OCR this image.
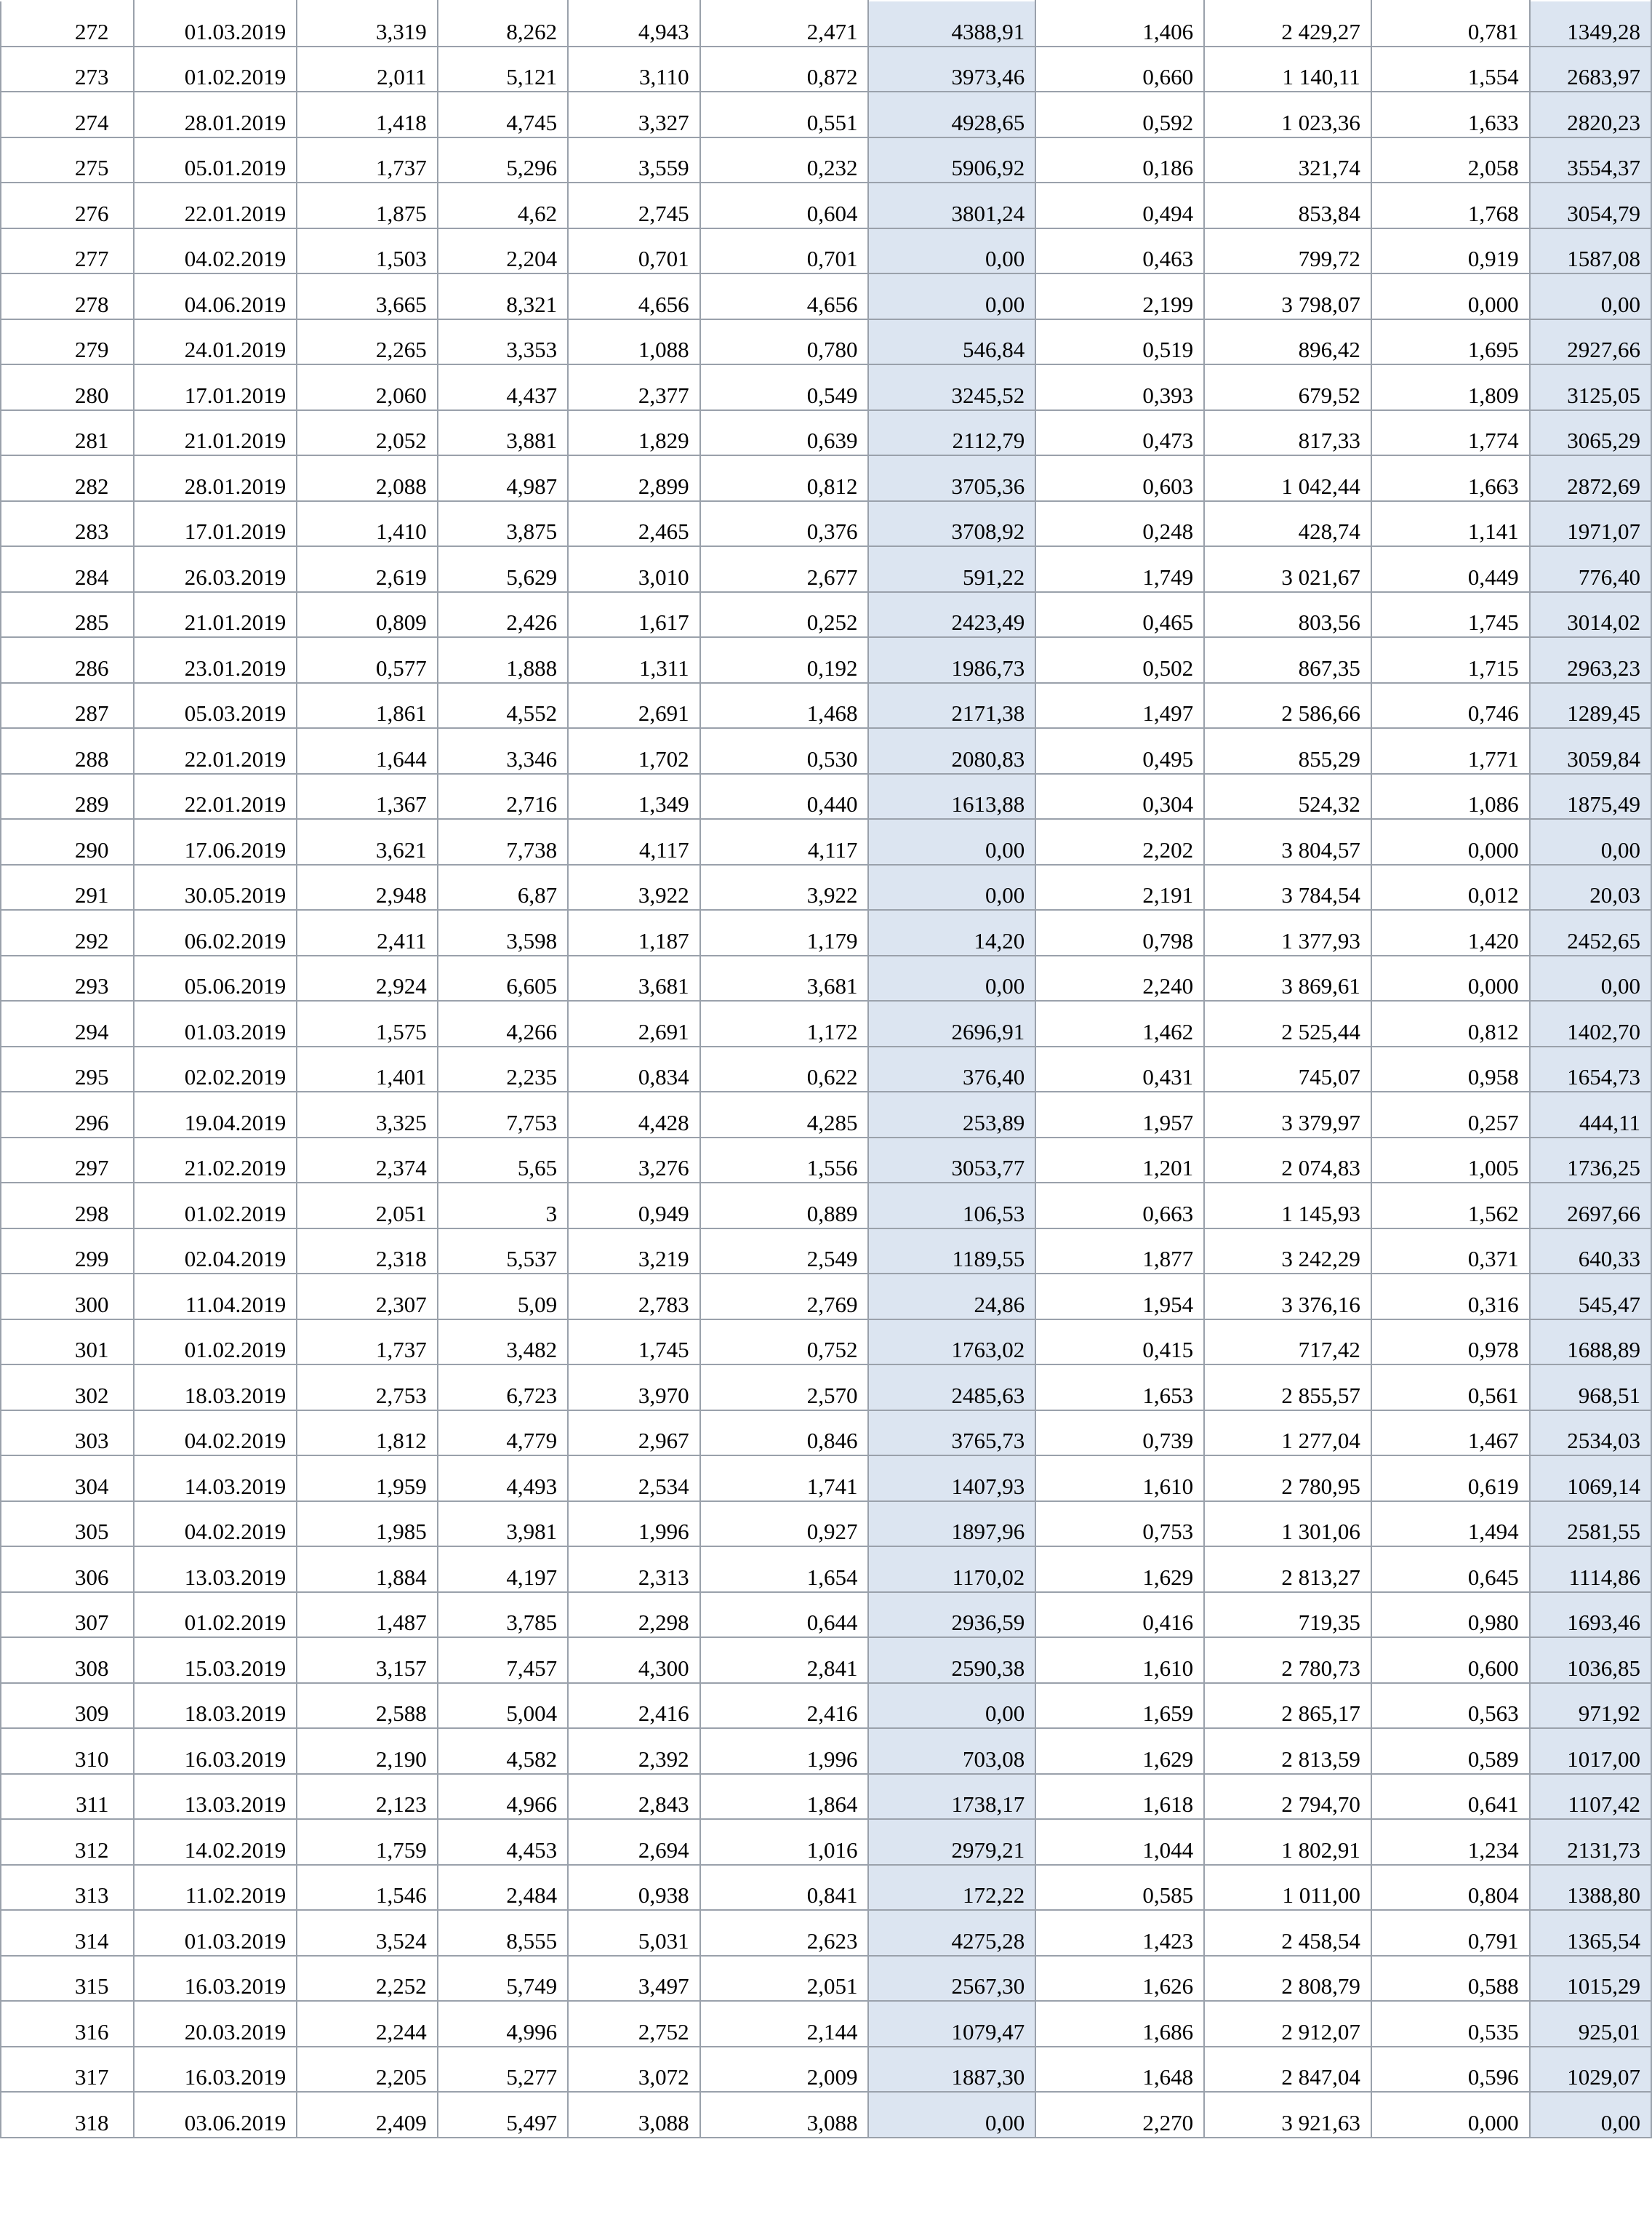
272	01.03.2019	3,319	8,262	4,943	2,471	4388,91	1,406	2 429,27	0,781	1349,28
273	01.02.2019	2,011	5,121	3,110	0,872	3973,46	0,660	1 140,11	1,554	2683,97
274	28.01.2019	1,418	4,745	3,327	0,551	4928,65	0,592	1 023,36	1,633	2820,23
275	05.01.2019	1,737	5,296	3,559	0,232	5906,92	0,186	321,74	2,058	3554,37
276	22.01.2019	1,875	4,62	2,745	0,604	3801,24	0,494	853,84	1,768	3054,79
277	04.02.2019	1,503	2,204	0,701	0,701	0,00	0,463	799,72	0,919	1587,08
278	04.06.2019	3,665	8,321	4,656	4,656	0,00	2,199	3 798,07	0,000	0,00
279	24.01.2019	2,265	3,353	1,088	0,780	546,84	0,519	896,42	1,695	2927,66
280	17.01.2019	2,060	4,437	2,377	0,549	3245,52	0,393	679,52	1,809	3125,05
281	21.01.2019	2,052	3,881	1,829	0,639	2112,79	0,473	817,33	1,774	3065,29
282	28.01.2019	2,088	4,987	2,899	0,812	3705,36	0,603	1 042,44	1,663	2872,69
283	17.01.2019	1,410	3,875	2,465	0,376	3708,92	0,248	428,74	1,141	1971,07
284	26.03.2019	2,619	5,629	3,010	2,677	591,22	1,749	3 021,67	0,449	776,40
285	21.01.2019	0,809	2,426	1,617	0,252	2423,49	0,465	803,56	1,745	3014,02
286	23.01.2019	0,577	1,888	1,311	0,192	1986,73	0,502	867,35	1,715	2963,23
287	05.03.2019	1,861	4,552	2,691	1,468	2171,38	1,497	2 586,66	0,746	1289,45
288	22.01.2019	1,644	3,346	1,702	0,530	2080,83	0,495	855,29	1,771	3059,84
289	22.01.2019	1,367	2,716	1,349	0,440	1613,88	0,304	524,32	1,086	1875,49
290	17.06.2019	3,621	7,738	4,117	4,117	0,00	2,202	3 804,57	0,000	0,00
291	30.05.2019	2,948	6,87	3,922	3,922	0,00	2,191	3 784,54	0,012	20,03
292	06.02.2019	2,411	3,598	1,187	1,179	14,20	0,798	1 377,93	1,420	2452,65
293	05.06.2019	2,924	6,605	3,681	3,681	0,00	2,240	3 869,61	0,000	0,00
294	01.03.2019	1,575	4,266	2,691	1,172	2696,91	1,462	2 525,44	0,812	1402,70
295	02.02.2019	1,401	2,235	0,834	0,622	376,40	0,431	745,07	0,958	1654,73
296	19.04.2019	3,325	7,753	4,428	4,285	253,89	1,957	3 379,97	0,257	444,11
297	21.02.2019	2,374	5,65	3,276	1,556	3053,77	1,201	2 074,83	1,005	1736,25
298	01.02.2019	2,051	3	0,949	0,889	106,53	0,663	1 145,93	1,562	2697,66
299	02.04.2019	2,318	5,537	3,219	2,549	1189,55	1,877	3 242,29	0,371	640,33
300	11.04.2019	2,307	5,09	2,783	2,769	24,86	1,954	3 376,16	0,316	545,47
301	01.02.2019	1,737	3,482	1,745	0,752	1763,02	0,415	717,42	0,978	1688,89
302	18.03.2019	2,753	6,723	3,970	2,570	2485,63	1,653	2 855,57	0,561	968,51
303	04.02.2019	1,812	4,779	2,967	0,846	3765,73	0,739	1 277,04	1,467	2534,03
304	14.03.2019	1,959	4,493	2,534	1,741	1407,93	1,610	2 780,95	0,619	1069,14
305	04.02.2019	1,985	3,981	1,996	0,927	1897,96	0,753	1 301,06	1,494	2581,55
306	13.03.2019	1,884	4,197	2,313	1,654	1170,02	1,629	2 813,27	0,645	1114,86
307	01.02.2019	1,487	3,785	2,298	0,644	2936,59	0,416	719,35	0,980	1693,46
308	15.03.2019	3,157	7,457	4,300	2,841	2590,38	1,610	2 780,73	0,600	1036,85
309	18.03.2019	2,588	5,004	2,416	2,416	0,00	1,659	2 865,17	0,563	971,92
310	16.03.2019	2,190	4,582	2,392	1,996	703,08	1,629	2 813,59	0,589	1017,00
311	13.03.2019	2,123	4,966	2,843	1,864	1738,17	1,618	2 794,70	0,641	1107,42
312	14.02.2019	1,759	4,453	2,694	1,016	2979,21	1,044	1 802,91	1,234	2131,73
313	11.02.2019	1,546	2,484	0,938	0,841	172,22	0,585	1 011,00	0,804	1388,80
314	01.03.2019	3,524	8,555	5,031	2,623	4275,28	1,423	2 458,54	0,791	1365,54
315	16.03.2019	2,252	5,749	3,497	2,051	2567,30	1,626	2 808,79	0,588	1015,29
316	20.03.2019	2,244	4,996	2,752	2,144	1079,47	1,686	2 912,07	0,535	925,01
317	16.03.2019	2,205	5,277	3,072	2,009	1887,30	1,648	2 847,04	0,596	1029,07
318	03.06.2019	2,409	5,497	3,088	3,088	0,00	2,270	3 921,63	0,000	0,00
